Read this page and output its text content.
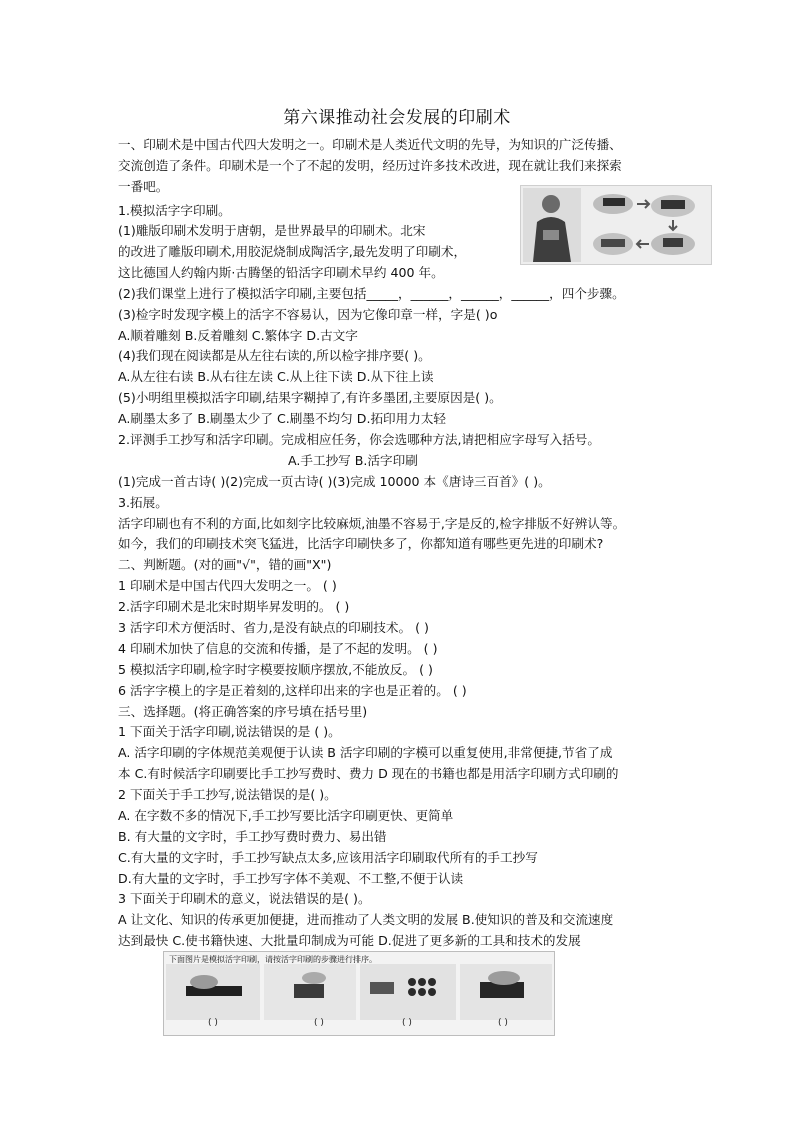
第六课推动社会发展的印刷术
一、印刷术是中国古代四大发明之一。印刷术是人类近代文明的先导，为知识的广泛传播、
交流创造了条件。印刷术是一个了不起的发明，经历过许多技术改进，现在就让我们来探索
一番吧。
1.模拟活字字印刷。
(1)雕版印刷术发明于唐朝，是世界最早的印刷术。北宋
的改进了雕版印刷术,用胶泥烧制成陶活字,最先发明了印刷术，
这比德国人约翰内斯·古腾堡的铅活字印刷术早约 400 年。
(2)我们课堂上进行了模拟活字印刷,主要包括_____，______，______，______，四个步骤。
(3)检字时发现字模上的活字不容易认，因为它像印章一样，字是( )o
A.顺着雕刻 B.反着雕刻 C.繁体字 D.古文字
(4)我们现在阅读都是从左往右读的,所以检字排序要( )。
A.从左往右读 B.从右往左读 C.从上往下读 D.从下往上读
(5)小明组里模拟活字印刷,结果字糊掉了,有许多墨团,主要原因是( )。
A.刷墨太多了 B.刷墨太少了 C.刷墨不均匀 D.拓印用力太轻
2.评测手工抄写和活字印刷。完成相应任务，你会选哪种方法,请把相应字母写入括号。
A.手工抄写 B.活字印刷
(1)完成一首古诗( )(2)完成一页古诗( )(3)完成 10000 本《唐诗三百首》( )。
3.拓展。
活字印刷也有不利的方面,比如刻字比较麻烦,油墨不容易于,字是反的,检字排版不好辨认等。
如今，我们的印刷技术突飞猛进，比活字印刷快多了，你都知道有哪些更先进的印刷术?
二、判断题。(对的画"√"，错的画"X")
1 印刷术是中国古代四大发明之一。 ( )
2.活字印刷术是北宋时期毕昇发明的。 ( )
3 活字印术方便活时、省力,是没有缺点的印刷技术。 ( )
4 印刷术加快了信息的交流和传播，是了不起的发明。 ( )
5 模拟活字印刷,检字时字模要按顺序摆放,不能放反。 ( )
6 活字字模上的字是正着刻的,这样印出来的字也是正着的。 ( )
三、选择题。(将正确答案的序号填在括号里)
1 下面关于活字印刷,说法错误的是 ( )。
A. 活字印刷的字体规范美观便于认读 B 活字印刷的字模可以重复使用,非常便捷,节省了成
本 C.有时候活字印刷要比手工抄写费时、费力 D 现在的书籍也都是用活字印刷方式印刷的
2 下面关于手工抄写,说法错误的是( )。
A. 在字数不多的情况下,手工抄写要比活字印刷更快、更简单
B. 有大量的文字时，手工抄写费时费力、易出错
C.有大量的文字时，手工抄写缺点太多,应该用活字印刷取代所有的手工抄写
D.有大量的文字时，手工抄写字体不美观、不工整,不便于认读
3 下面关于印刷术的意义，说法错误的是( )。
A 让文化、知识的传承更加便捷，进而推动了人类文明的发展 B.使知识的普及和交流速度
达到最快 C.使书籍快速、大批量印制成为可能 D.促进了更多新的工具和技术的发展
下面图片是模拟活字印刷，请按活字印刷的步骤进行排序。
( )	( )	( )	( )
